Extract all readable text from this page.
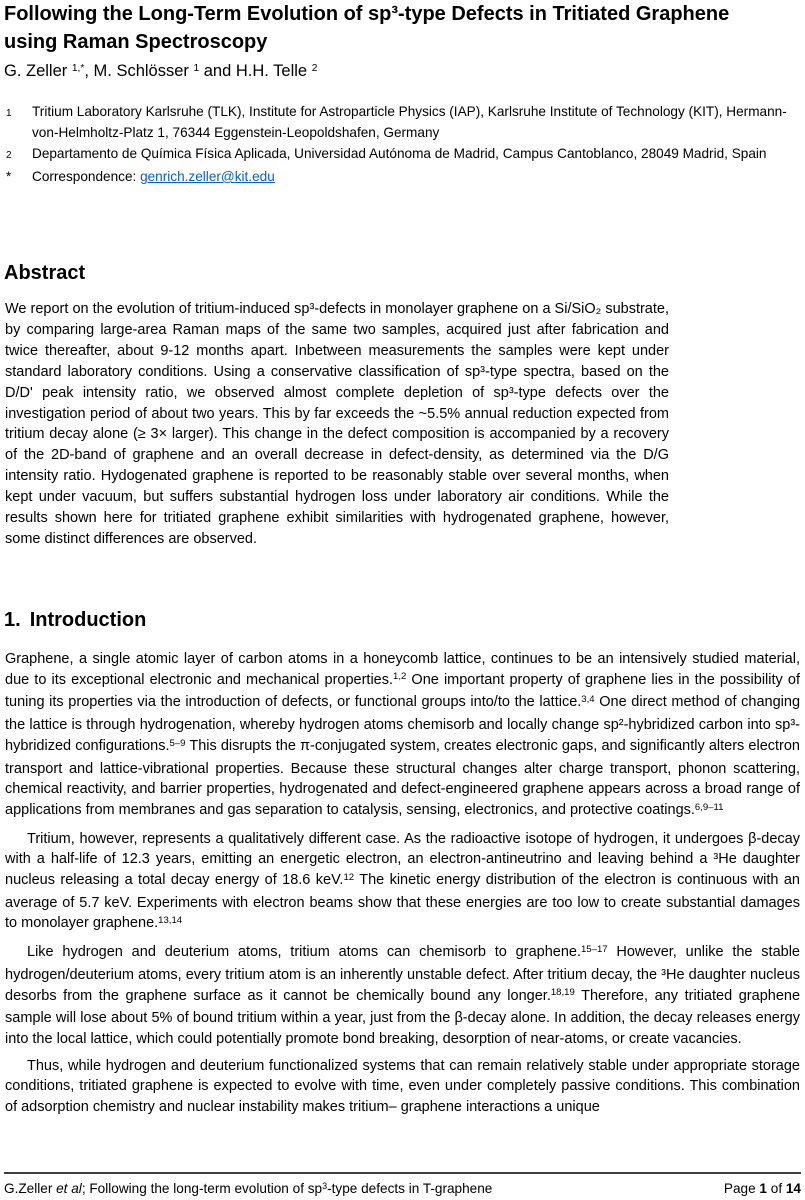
Following the Long-Term Evolution of sp³-type Defects in Tritiated Graphene using Raman Spectroscopy
G. Zeller $^{1,*}$, M. Schlösser $^1$ and H.H. Telle $^2$
1	Tritium Laboratory Karlsruhe (TLK), Institute for Astroparticle Physics (IAP), Karlsruhe Institute of Technology (KIT), Hermann-von-Helmholtz-Platz 1, 76344 Eggenstein-Leopoldshafen, Germany
2	Departamento de Química Física Aplicada, Universidad Autónoma de Madrid, Campus Cantoblanco, 28049 Madrid, Spain
*	Correspondence: genrich.zeller@kit.edu
Abstract

We report on the evolution of tritium-induced sp³-defects in monolayer graphene on a Si/SiO₂ substrate, by comparing large-area Raman maps of the same two samples, acquired just after fabrication and twice thereafter, about 9-12 months apart. Inbetween measurements the samples were kept under standard laboratory conditions. Using a conservative classification of sp³-type spectra, based on the D/D' peak intensity ratio, we observed almost complete depletion of sp³-type defects over the investigation period of about two years. This by far exceeds the ~5.5% annual reduction expected from tritium decay alone (≥ 3× larger). This change in the defect composition is accompanied by a recovery of the 2D-band of graphene and an overall decrease in defect-density, as determined via the D/G intensity ratio. Hydogenated graphene is reported to be reasonably stable over several months, when kept under vacuum, but suffers substantial hydrogen loss under laboratory air conditions. While the results shown here for tritiated graphene exhibit similarities with hydrogenated graphene, however, some distinct differences are observed.

1. Introduction

Graphene, a single atomic layer of carbon atoms in a honeycomb lattice, continues to be an intensively studied material, due to its exceptional electronic and mechanical properties.$^{1,2}$ One important property of graphene lies in the possibility of tuning its properties via the introduction of defects, or functional groups into/to the lattice.$^{3,4}$ One direct method of changing the lattice is through hydrogenation, whereby hydrogen atoms chemisorb and locally change sp²-hybridized carbon into sp³-hybridized configurations.$^{5-9}$ This disrupts the π-conjugated system, creates electronic gaps, and significantly alters electron transport and lattice-vibrational properties. Because these structural changes alter charge transport, phonon scattering, chemical reactivity, and barrier properties, hydrogenated and defect-engineered graphene appears across a broad range of applications from membranes and gas separation to catalysis, sensing, electronics, and protective coatings.$^{6,9-11}$

Tritium, however, represents a qualitatively different case. As the radioactive isotope of hydrogen, it undergoes β-decay with a half-life of 12.3 years, emitting an energetic electron, an electron-antineutrino and leaving behind a ³He daughter nucleus releasing a total decay energy of 18.6 keV.$^{12}$ The kinetic energy distribution of the electron is continuous with an average of 5.7 keV. Experiments with electron beams show that these energies are too low to create substantial damages to monolayer graphene.$^{13,14}$

Like hydrogen and deuterium atoms, tritium atoms can chemisorb to graphene.$^{15-17}$ However, unlike the stable hydrogen/deuterium atoms, every tritium atom is an inherently unstable defect. After tritium decay, the ³He daughter nucleus desorbs from the graphene surface as it cannot be chemically bound any longer.$^{18,19}$ Therefore, any tritiated graphene sample will lose about 5% of bound tritium within a year, just from the β-decay alone. In addition, the decay releases energy into the local lattice, which could potentially promote bond breaking, desorption of near-atoms, or create vacancies.

Thus, while hydrogen and deuterium functionalized systems that can remain relatively stable under appropriate storage conditions, tritiated graphene is expected to evolve with time, even under completely passive conditions. This combination of adsorption chemistry and nuclear instability makes tritium– graphene interactions a unique

G.Zeller et al; Following the long-term evolution of $sp^3$-type defects in T-graphene	Page 1 of 14
